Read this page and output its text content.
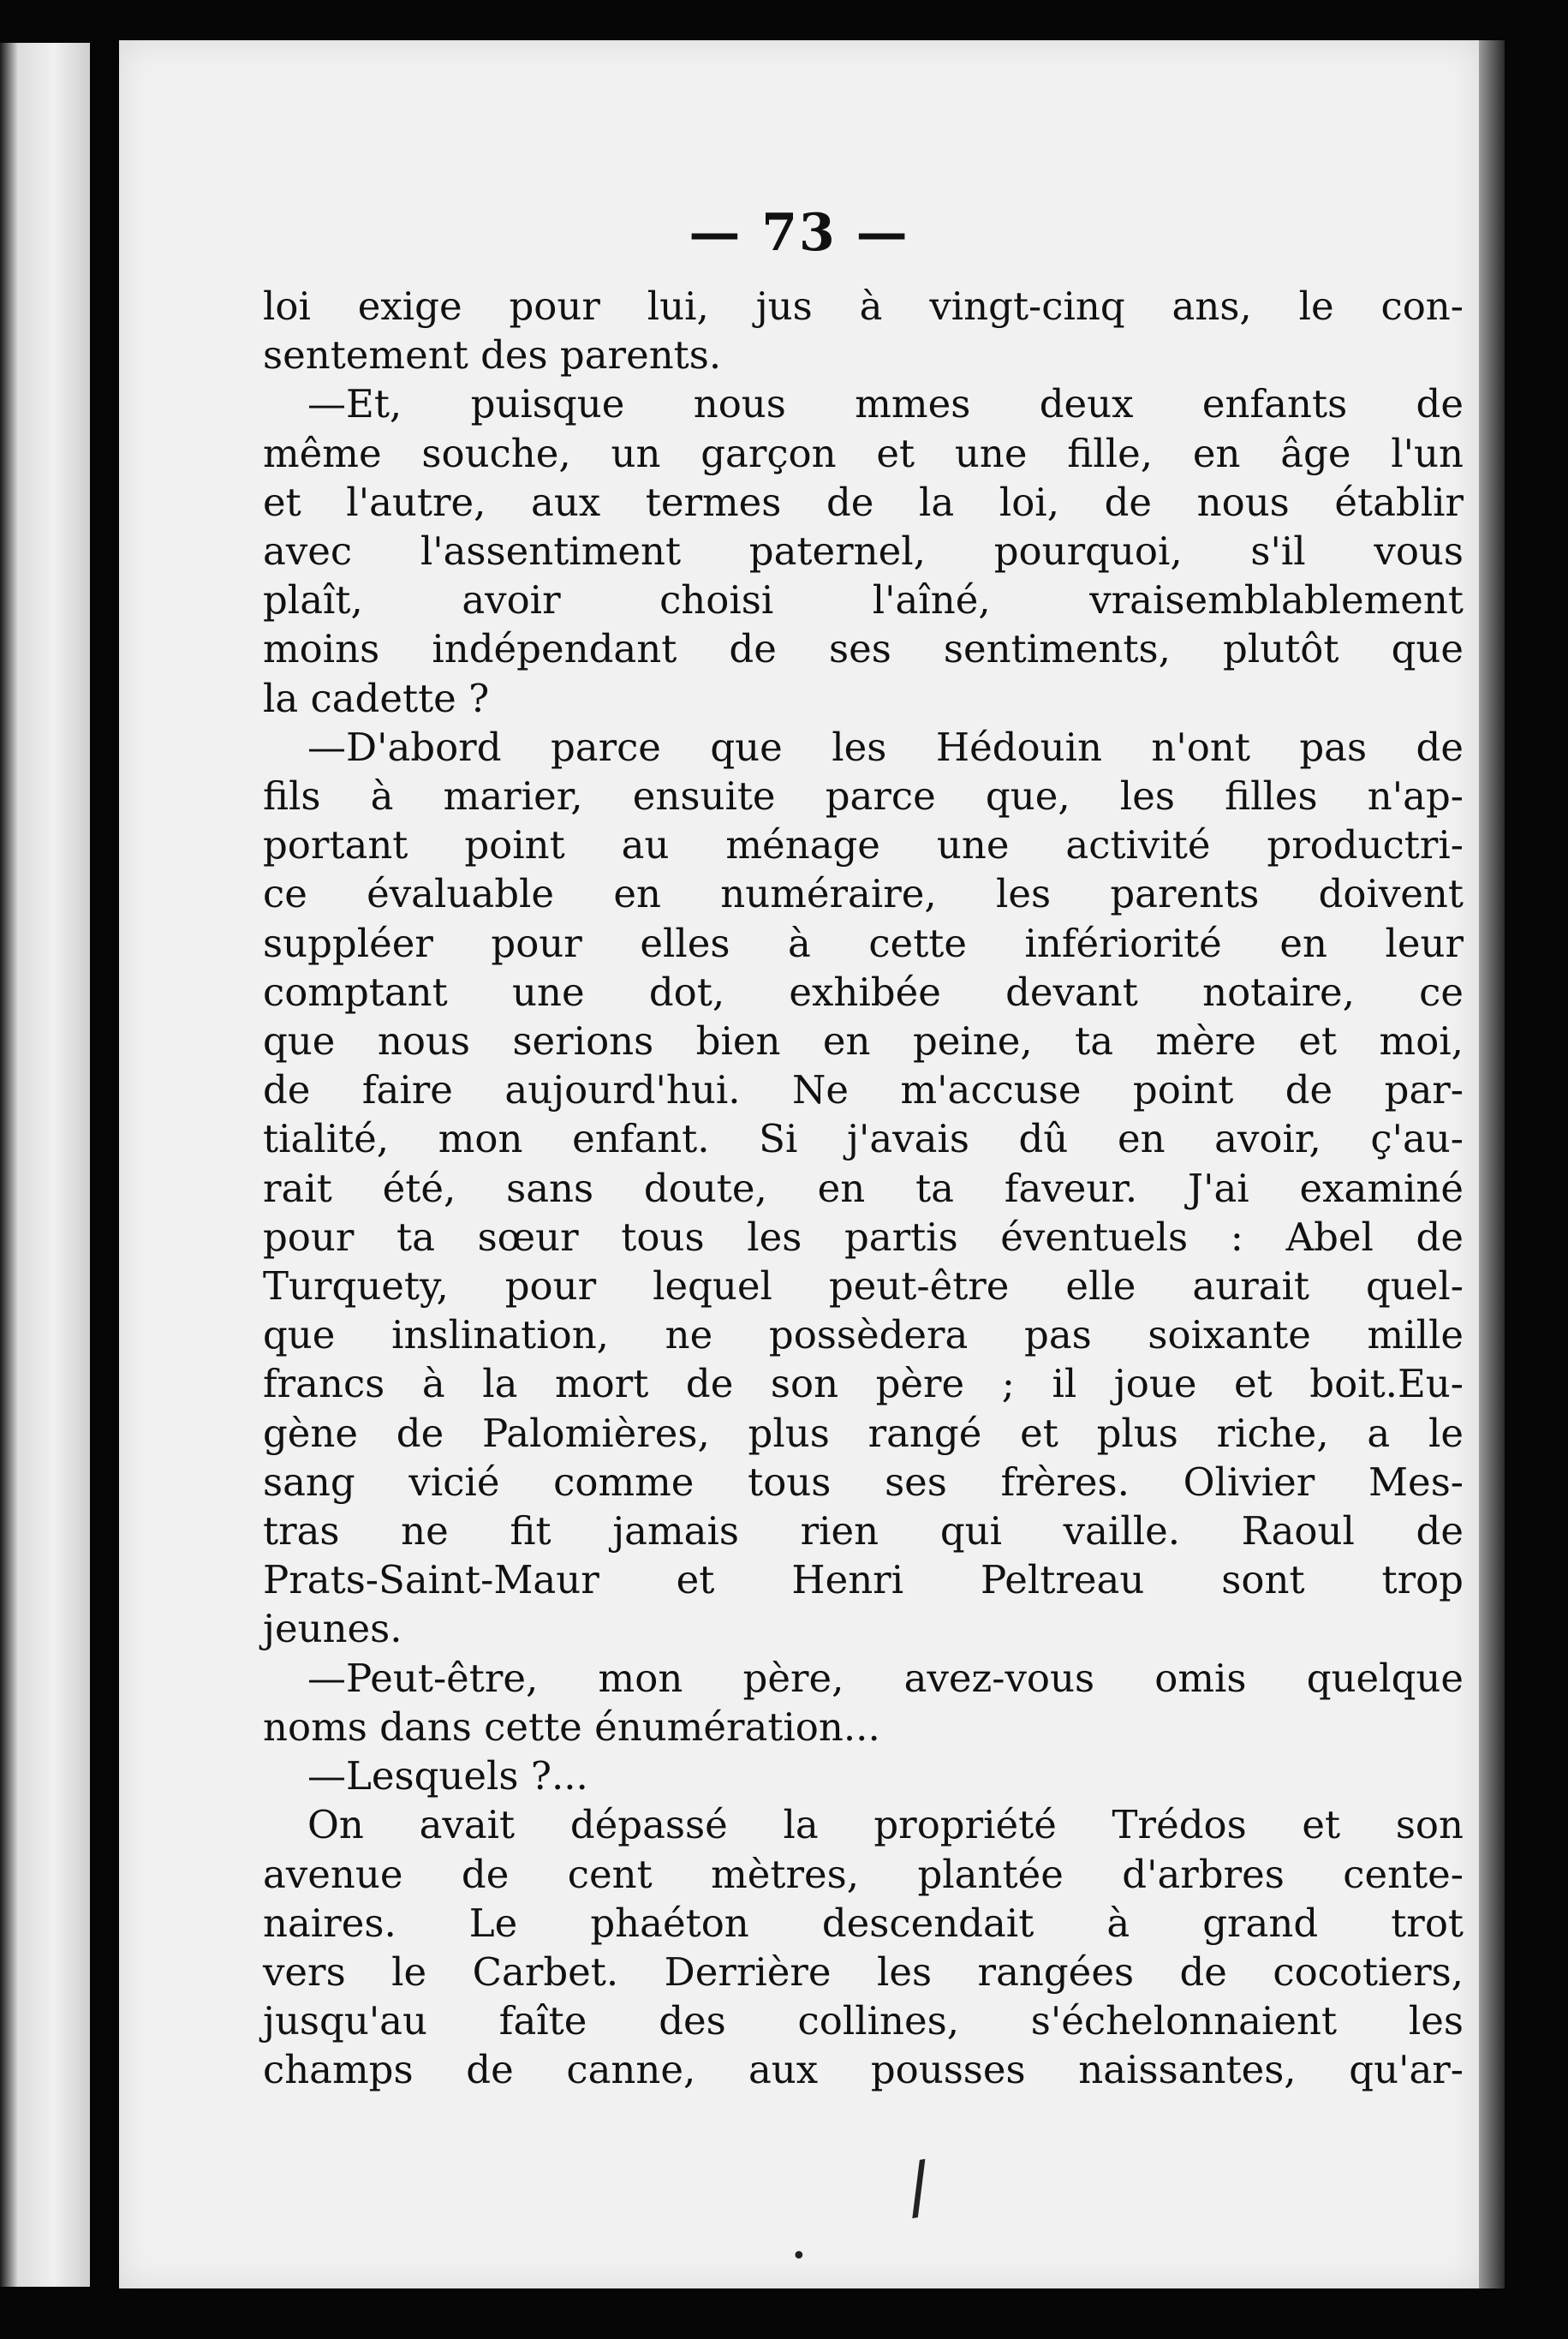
— 73 —

loi exige pour lui, jus à vingt-cinq ans, le con-

sentement des parents.

—Et, puisque nous mmes deux enfants de

même souche, un garçon et une fille, en âge l'un

et l'autre, aux termes de la loi, de nous établir

avec l'assentiment paternel, pourquoi, s'il vous

plaît, avoir choisi l'aîné, vraisemblablement

moins indépendant de ses sentiments, plutôt que

la cadette ?

—D'abord parce que les Hédouin n'ont pas de

fils à marier, ensuite parce que, les filles n'ap-

portant point au ménage une activité productri-

ce évaluable en numéraire, les parents doivent

suppléer pour elles à cette infériorité en leur

comptant une dot, exhibée devant notaire, ce

que nous serions bien en peine, ta mère et moi,

de faire aujourd'hui. Ne m'accuse point de par-

tialité, mon enfant. Si j'avais dû en avoir, ç'au-

rait été, sans doute, en ta faveur. J'ai examiné

pour ta sœur tous les partis éventuels : Abel de

Turquety, pour lequel peut-être elle aurait quel-

que inslination, ne possèdera pas soixante mille

francs à la mort de son père ; il joue et boit.Eu-

gène de Palomières, plus rangé et plus riche, a le

sang vicié comme tous ses frères. Olivier Mes-

tras ne fit jamais rien qui vaille. Raoul de

Prats-Saint-Maur et Henri Peltreau sont trop

jeunes.

—Peut-être, mon père, avez-vous omis quelque

noms dans cette énumération...

—Lesquels ?...

On avait dépassé la propriété Trédos et son

avenue de cent mètres, plantée d'arbres cente-

naires. Le phaéton descendait à grand trot

vers le Carbet. Derrière les rangées de cocotiers,

jusqu'au faîte des collines, s'échelonnaient les

champs de canne, aux pousses naissantes, qu'ar-

/
•
